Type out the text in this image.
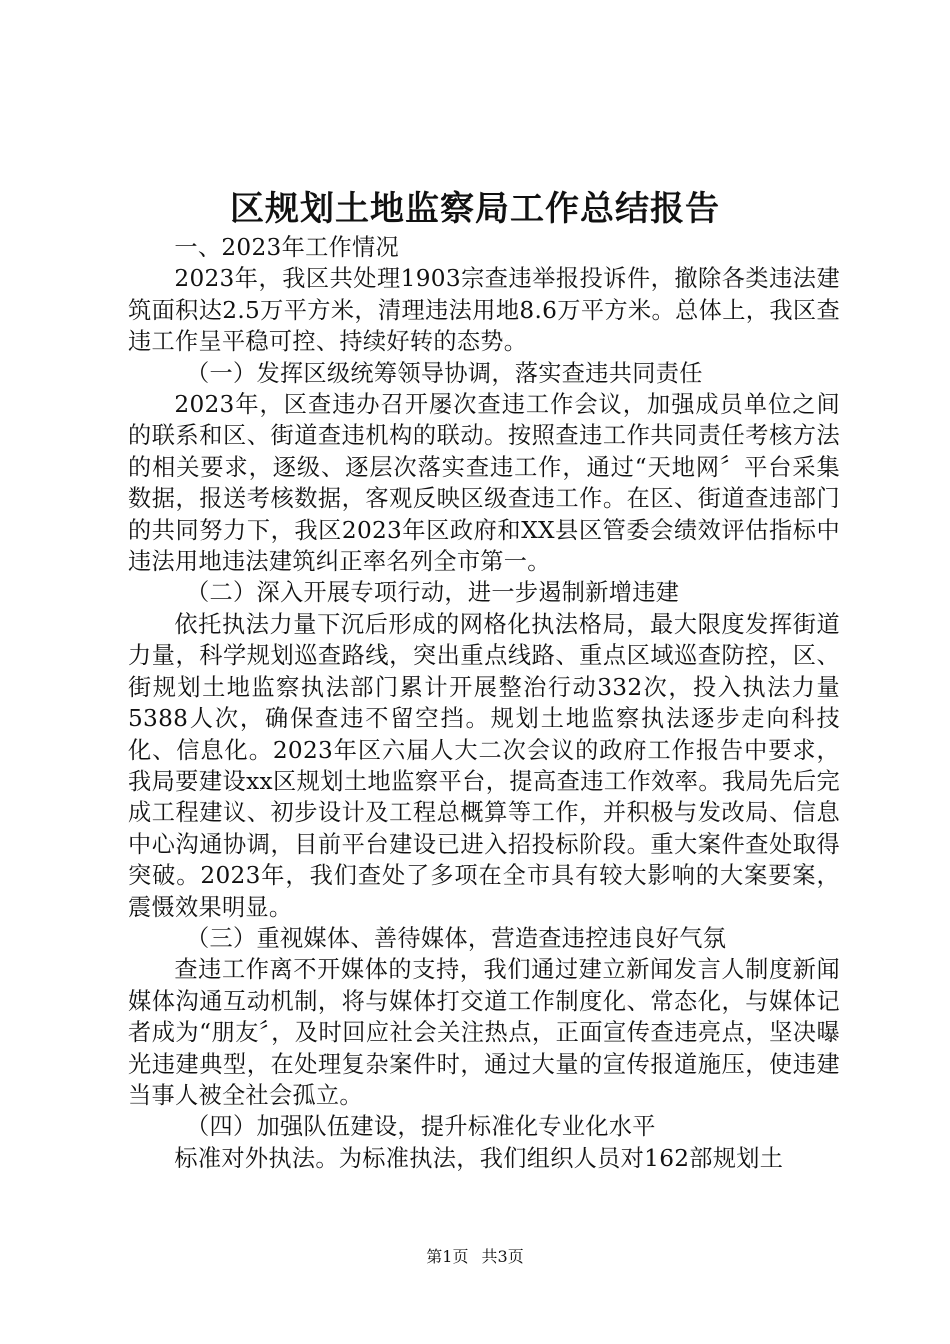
区规划土地监察局工作总结报告

一、2023年工作情况

2023年，我区共处理1903宗查违举报投诉件，撤除各类违法建筑面积达2.5万平方米，清理违法用地8.6万平方米。总体上，我区查违工作呈平稳可控、持续好转的态势。

（一）发挥区级统筹领导协调，落实查违共同责任

2023年，区查违办召开屡次查违工作会议，加强成员单位之间的联系和区、街道查违机构的联动。按照查违工作共同责任考核方法的相关要求，逐级、逐层次落实查违工作，通过“天地网〞平台采集数据，报送考核数据，客观反映区级查违工作。在区、街道查违部门的共同努力下，我区2023年区政府和XX县区管委会绩效评估指标中违法用地违法建筑纠正率名列全市第一。

（二）深入开展专项行动，进一步遏制新增违建

依托执法力量下沉后形成的网格化执法格局，最大限度发挥街道力量，科学规划巡查路线，突出重点线路、重点区域巡查防控，区、街规划土地监察执法部门累计开展整治行动332次，投入执法力量5388人次，确保查违不留空挡。规划土地监察执法逐步走向科技化、信息化。2023年区六届人大二次会议的政府工作报告中要求，我局要建设xx区规划土地监察平台，提高查违工作效率。我局先后完成工程建议、初步设计及工程总概算等工作，并积极与发改局、信息中心沟通协调，目前平台建设已进入招投标阶段。重大案件查处取得突破。2023年，我们查处了多项在全市具有较大影响的大案要案，震慑效果明显。

（三）重视媒体、善待媒体，营造查违控违良好气氛

查违工作离不开媒体的支持，我们通过建立新闻发言人制度新闻媒体沟通互动机制，将与媒体打交道工作制度化、常态化，与媒体记者成为“朋友〞，及时回应社会关注热点，正面宣传查违亮点，坚决曝光违建典型，在处理复杂案件时，通过大量的宣传报道施压，使违建当事人被全社会孤立。

（四）加强队伍建设，提升标准化专业化水平

标准对外执法。为标准执法，我们组织人员对162部规划土

第1页 共3页
